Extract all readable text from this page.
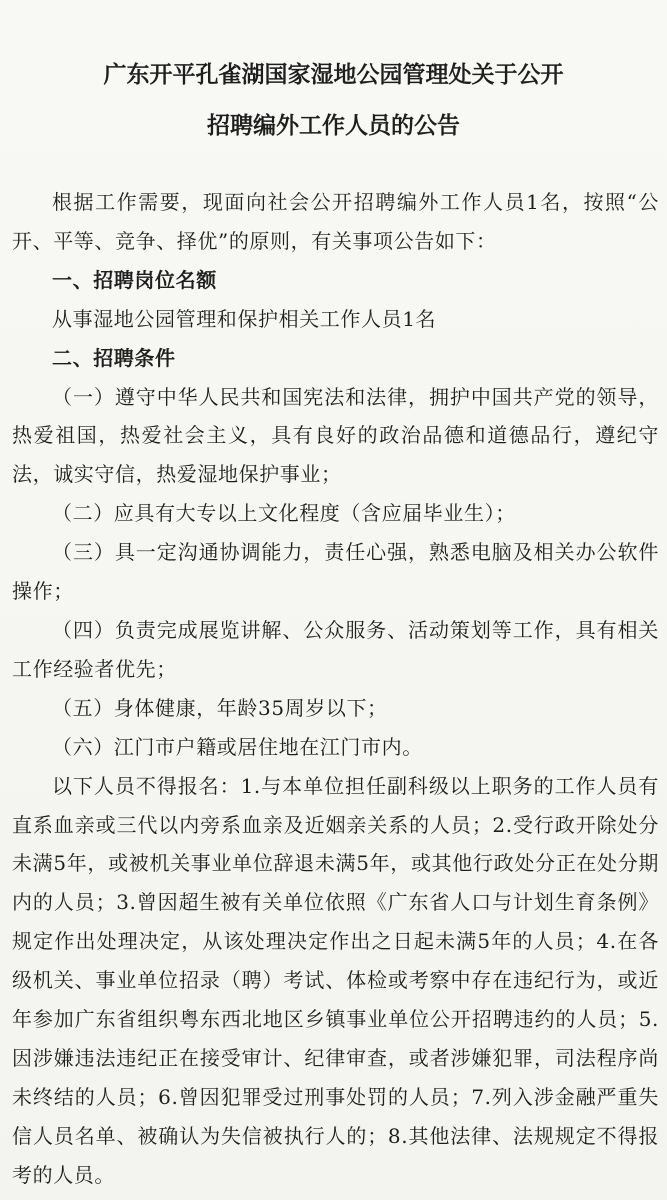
广东开平孔雀湖国家湿地公园管理处关于公开
招聘编外工作人员的公告

根据工作需要，现面向社会公开招聘编外工作人员1名，按照“公开、平等、竞争、择优”的原则，有关事项公告如下：

一、招聘岗位名额

从事湿地公园管理和保护相关工作人员1名

二、招聘条件

（一）遵守中华人民共和国宪法和法律，拥护中国共产党的领导，热爱祖国，热爱社会主义，具有良好的政治品德和道德品行，遵纪守法，诚实守信，热爱湿地保护事业；

（二）应具有大专以上文化程度（含应届毕业生）；

（三）具一定沟通协调能力，责任心强，熟悉电脑及相关办公软件操作；

（四）负责完成展览讲解、公众服务、活动策划等工作，具有相关工作经验者优先；

（五）身体健康，年龄35周岁以下；

（六）江门市户籍或居住地在江门市内。

以下人员不得报名：1.与本单位担任副科级以上职务的工作人员有直系血亲或三代以内旁系血亲及近姻亲关系的人员；2.受行政开除处分未满5年，或被机关事业单位辞退未满5年，或其他行政处分正在处分期内的人员；3.曾因超生被有关单位依照《广东省人口与计划生育条例》规定作出处理决定，从该处理决定作出之日起未满5年的人员；4.在各级机关、事业单位招录（聘）考试、体检或考察中存在违纪行为，或近年参加广东省组织粤东西北地区乡镇事业单位公开招聘违约的人员；5.因涉嫌违法违纪正在接受审计、纪律审查，或者涉嫌犯罪，司法程序尚未终结的人员；6.曾因犯罪受过刑事处罚的人员；7.列入涉金融严重失信人员名单、被确认为失信被执行人的；8.其他法律、法规规定不得报考的人员。
